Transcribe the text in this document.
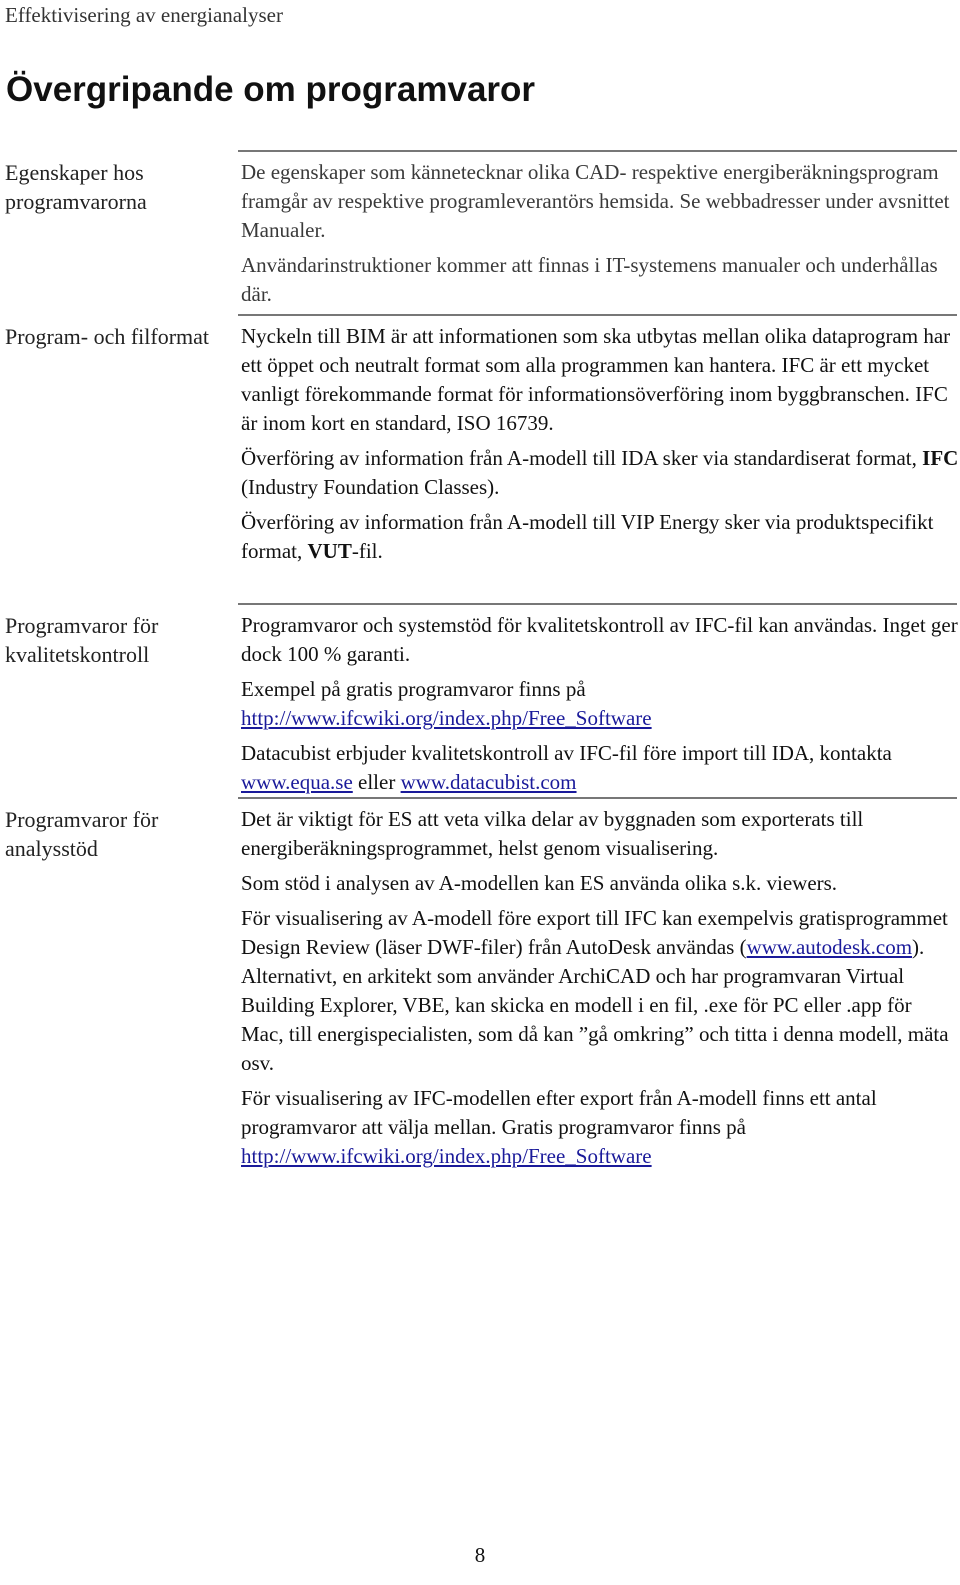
Effektivisering av energianalyser
Övergripande om programvaror
Egenskaper hos programvarorna

De egenskaper som kännetecknar olika CAD- respektive energiberäkningsprogram framgår av respektive programleverantörs hemsida. Se webbadresser under avsnittet Manualer.

Användarinstruktioner kommer att finnas i IT-systemens manualer och underhållas där.

Program- och filformat	Nyckeln till BIM är att informationen som ska utbytas mellan olika dataprogram har ett öppet och neutralt format som alla programmen kan hantera. IFC är ett mycket vanligt förekommande format för informationsöverföring inom byggbranschen. IFC är inom kort en standard, ISO 16739.

Överföring av information från A-modell till IDA sker via standardiserat format, IFC (Industry Foundation Classes).

Överföring av information från A-modell till VIP Energy sker via produktspecifikt format, VUT-fil.

Programvaror för kvalitetskontroll

Programvaror och systemstöd för kvalitetskontroll av IFC-fil kan användas. Inget ger dock 100 % garanti.

Exempel på gratis programvaror finns på http://www.ifcwiki.org/index.php/Free_Software

Datacubist erbjuder kvalitetskontroll av IFC-fil före import till IDA, kontakta www.equa.se eller www.datacubist.com

Programvaror för analysstöd

Det är viktigt för ES att veta vilka delar av byggnaden som exporterats till energiberäkningsprogrammet, helst genom visualisering.

Som stöd i analysen av A-modellen kan ES använda olika s.k. viewers.

För visualisering av A-modell före export till IFC kan exempelvis gratisprogrammet Design Review (läser DWF-filer) från AutoDesk användas (www.autodesk.com). Alternativt, en arkitekt som använder ArchiCAD och har programvaran Virtual Building Explorer, VBE, kan skicka en modell i en fil, .exe för PC eller .app för Mac, till energispecialisten, som då kan ”gå omkring” och titta i denna modell, mäta osv.

För visualisering av IFC-modellen efter export från A-modell finns ett antal programvaror att välja mellan. Gratis programvaror finns på http://www.ifcwiki.org/index.php/Free_Software

8
